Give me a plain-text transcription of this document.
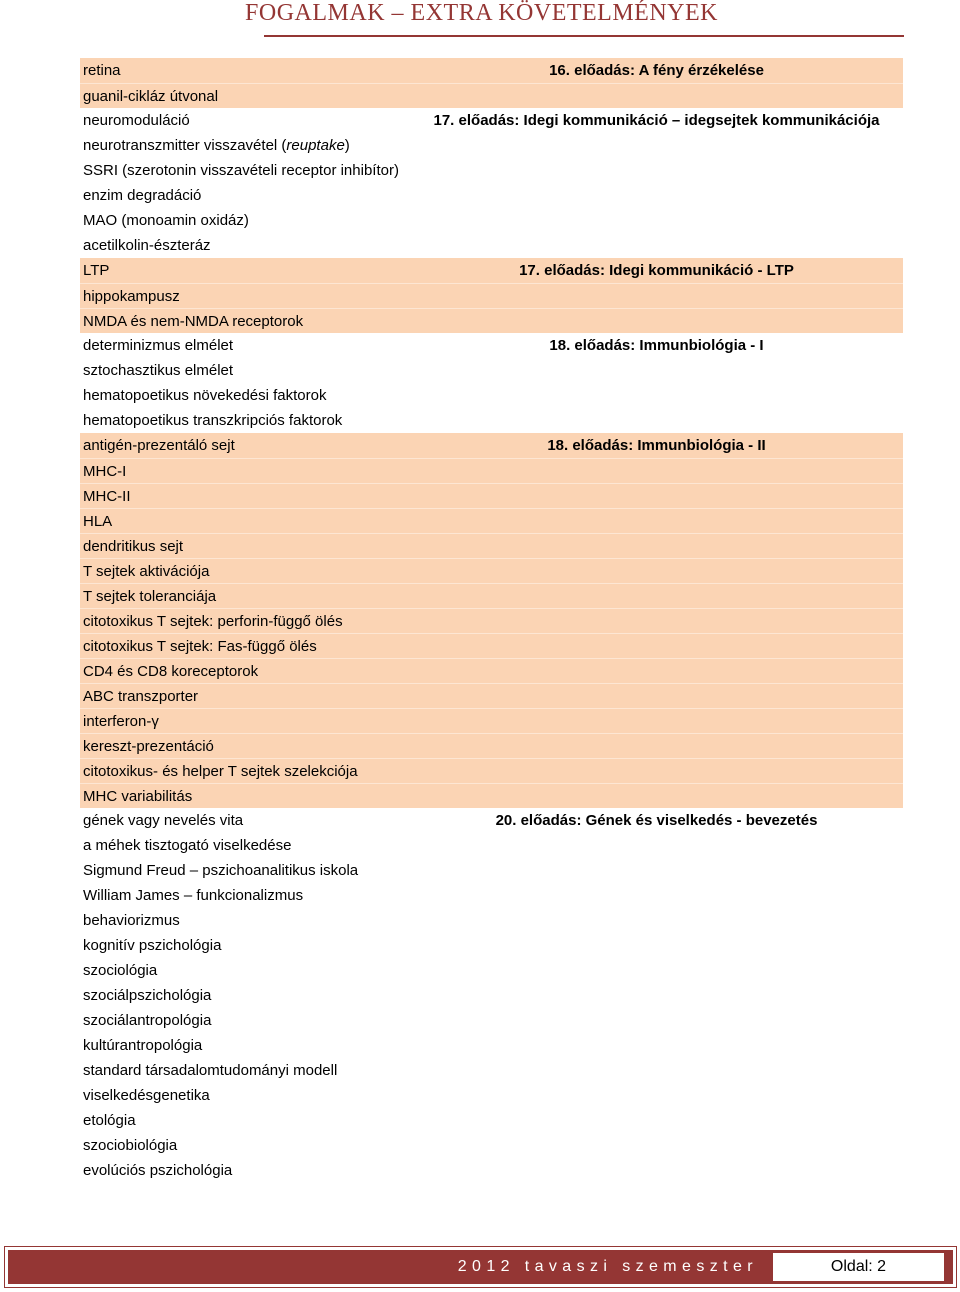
FOGALMAK – EXTRA KÖVETELMÉNYEK
retina	16. előadás: A fény érzékelése
guanil-cikláz útvonal
neuromoduláció	17. előadás: Idegi kommunikáció – idegsejtek kommunikációja
neurotranszmitter visszavétel (reuptake)
SSRI (szerotonin visszavételi receptor inhibítor)
enzim degradáció
MAO (monoamin oxidáz)
acetilkolin-észteráz
LTP	17. előadás: Idegi kommunikáció - LTP
hippokampusz
NMDA és nem-NMDA receptorok
determinizmus elmélet	18. előadás: Immunbiológia - I
sztochasztikus elmélet
hematopoetikus növekedési faktorok
hematopoetikus transzkripciós faktorok
antigén-prezentáló sejt	18. előadás: Immunbiológia - II
MHC-I
MHC-II
HLA
dendritikus sejt
T sejtek aktivációja
T sejtek toleranciája
citotoxikus T sejtek: perforin-függő ölés
citotoxikus T sejtek: Fas-függő ölés
CD4 és CD8 koreceptorok
ABC transzporter
interferon-γ
kereszt-prezentáció
citotoxikus- és helper T sejtek szelekciója
MHC variabilitás
gének vagy nevelés vita	20. előadás: Gének és viselkedés - bevezetés
a méhek tisztogató viselkedése
Sigmund Freud – pszichoanalitikus iskola
William James – funkcionalizmus
behaviorizmus
kognitív pszichológia
szociológia
szociálpszichológia
szociálantropológia
kultúrantropológia
standard társadalomtudományi modell
viselkedésgenetika
etológia
szociobiológia
evolúciós pszichológia
2012 tavaszi szemeszter	Oldal: 2
